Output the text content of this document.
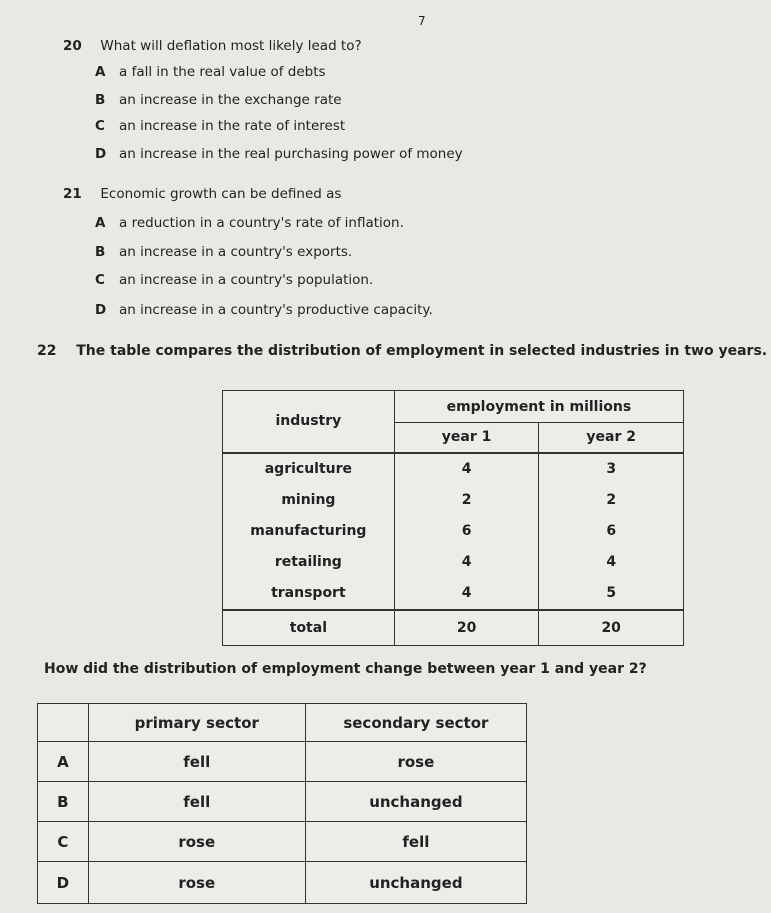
7
20 What will deflation most likely lead to?
A a fall in the real value of debts
B an increase in the exchange rate
C an increase in the rate of interest
D an increase in the real purchasing power of money
21 Economic growth can be defined as
A a reduction in a country's rate of inflation.
B an increase in a country's exports.
C an increase in a country's population.
D an increase in a country's productive capacity.
22 The table compares the distribution of employment in selected industries in two years.
industry	employment in millions	
	year 1	year 2
agriculture	4	3
mining	2	2
manufacturing	6	6
retailing	4	4
transport	4	5
total	20	20
How did the distribution of employment change between year 1 and year 2?
	primary sector	secondary sector
A	fell	rose
B	fell	unchanged
C	rose	fell
D	rose	unchanged
